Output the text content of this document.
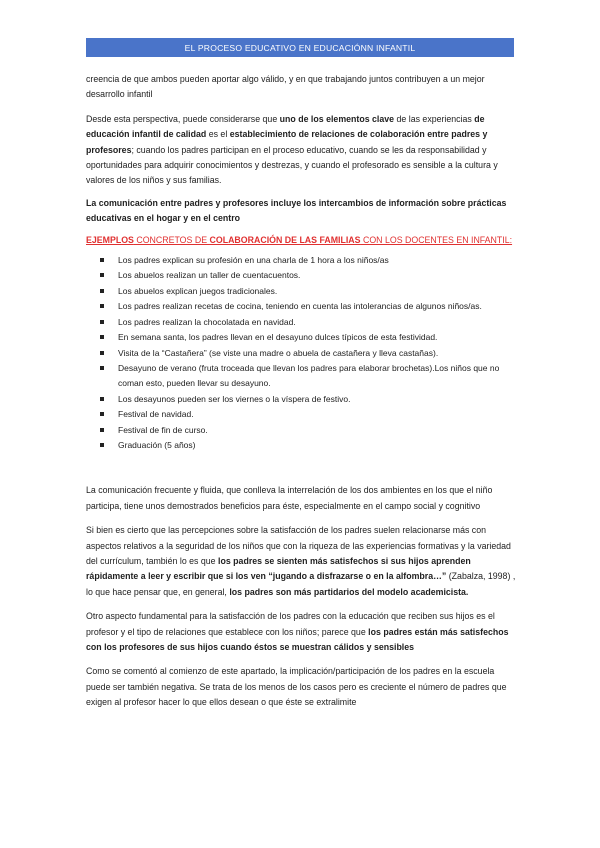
EL PROCESO EDUCATIVO EN EDUCACIÓNN INFANTIL

creencia de que ambos pueden aportar algo válido, y en que trabajando juntos contribuyen a un mejor desarrollo infantil

Desde esta perspectiva, puede considerarse que uno de los elementos clave de las experiencias de educación infantil de calidad es el establecimiento de relaciones de colaboración entre padres y profesores; cuando los padres participan en el proceso educativo, cuando se les da responsabilidad y oportunidades para adquirir conocimientos y destrezas, y cuando el profesorado es sensible a la cultura y valores de los niños y sus familias.

La comunicación entre padres y profesores incluye los intercambios de información sobre prácticas educativas en el hogar y en el centro

EJEMPLOS CONCRETOS DE COLABORACIÓN DE LAS FAMILIAS CON LOS DOCENTES EN INFANTIL:
Los padres explican su profesión en una charla de 1 hora a los niños/as
Los abuelos realizan un taller de cuentacuentos.
Los abuelos explican juegos tradicionales.
Los padres realizan recetas de cocina, teniendo en cuenta las intolerancias de algunos niños/as.
Los padres realizan la chocolatada en navidad.
En semana santa, los padres llevan en el desayuno dulces típicos de esta festividad.
Visita de la “Castañera” (se viste una madre o abuela de castañera y lleva castañas).
Desayuno de verano (fruta troceada que llevan los padres para elaborar brochetas).Los niños que no coman esto, pueden llevar su desayuno.
Los desayunos pueden ser los viernes o la víspera de festivo.
Festival de navidad.
Festival de fin de curso.
Graduación (5 años)

La comunicación frecuente y fluida, que conlleva la interrelación de los dos ambientes en los que el niño participa, tiene unos demostrados beneficios para éste, especialmente en el campo social y cognitivo

Si bien es cierto que las percepciones sobre la satisfacción de los padres suelen relacionarse más con aspectos relativos a la seguridad de los niños que con la riqueza de las experiencias formativas y la variedad del currículum, también lo es que los padres se sienten más satisfechos si sus hijos aprenden rápidamente a leer y escribir que si los ven “jugando a disfrazarse o en la alfombra…” (Zabalza, 1998) , lo que hace pensar que, en general, los padres son más partidarios del modelo academicista.

Otro aspecto fundamental para la satisfacción de los padres con la educación que reciben sus hijos es el profesor y el tipo de relaciones que establece con los niños; parece que los padres están más satisfechos con los profesores de sus hijos cuando éstos se muestran cálidos y sensibles

Como se comentó al comienzo de este apartado, la implicación/participación de los padres en la escuela puede ser también negativa. Se trata de los menos de los casos pero es creciente el número de padres que exigen al profesor hacer lo que ellos desean o que éste se extralimite
